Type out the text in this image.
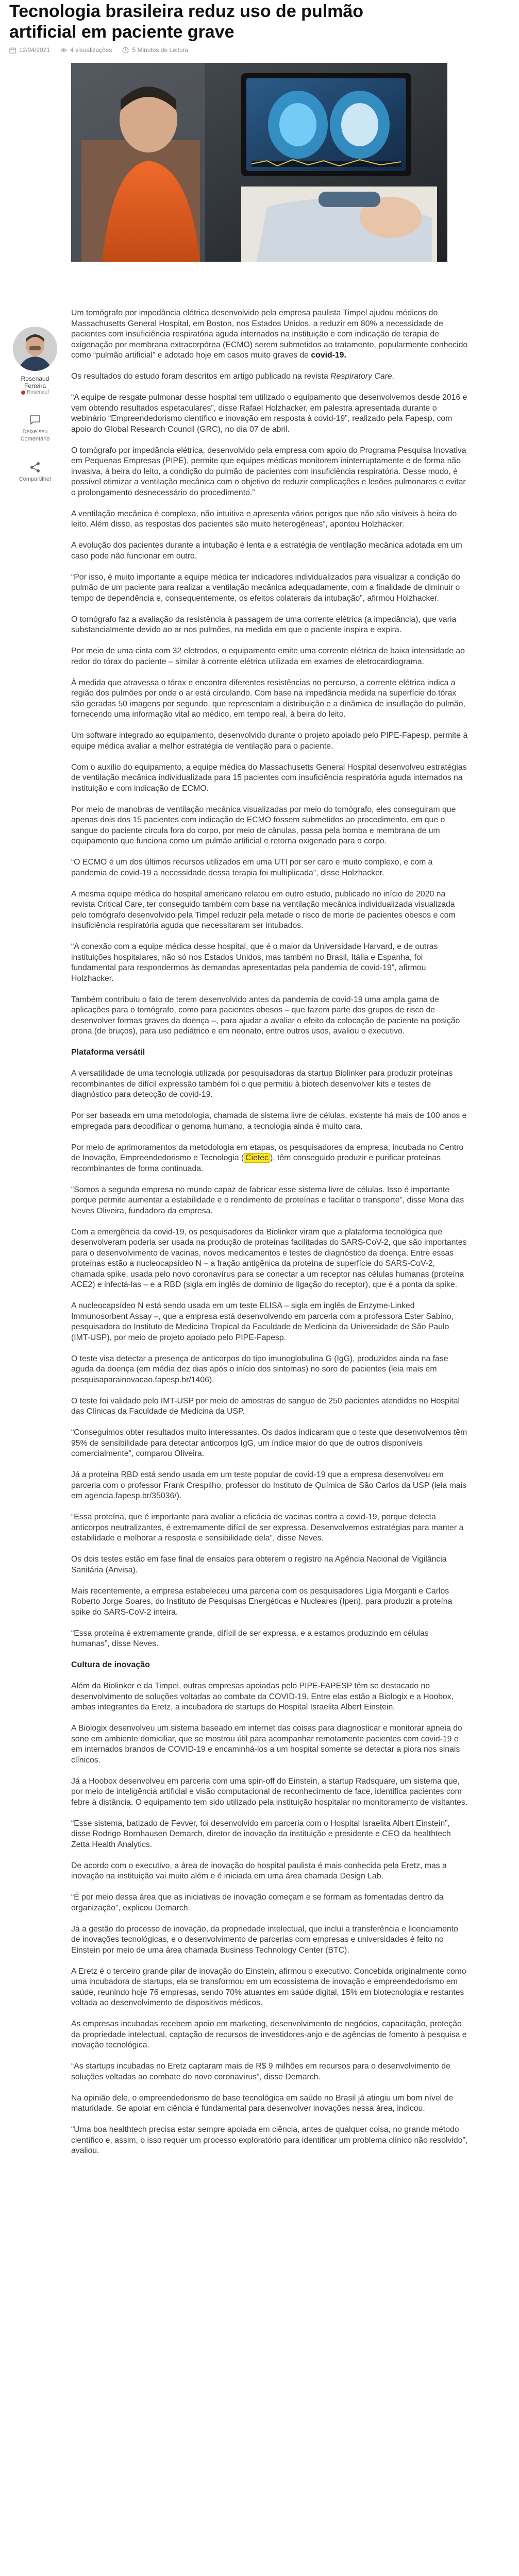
Tecnologia brasileira reduz uso de pulmão artificial em paciente grave
12/04/2021	4 visualizações	5 Minutos de Leitura
Rosenaud Ferreira
Rosenauf
Deixe seu Comentário
Compartilhe!

Um tomógrafo por impedância elétrica desenvolvido pela empresa paulista Timpel ajudou médicos do Massachusetts General Hospital, em Boston, nos Estados Unidos, a reduzir em 80% a necessidade de pacientes com insuficiência respiratória aguda internados na instituição e com indicação de terapia de oxigenação por membrana extracorpórea (ECMO) serem submetidos ao tratamento, popularmente conhecido como “pulmão artificial” e adotado hoje em casos muito graves de covid-19.

Os resultados do estudo foram descritos em artigo publicado na revista Respiratory Care.

“A equipe de resgate pulmonar desse hospital tem utilizado o equipamento que desenvolvemos desde 2016 e vem obtendo resultados espetaculares”, disse Rafael Holzhacker, em palestra apresentada durante o webinário “Empreendedorismo científico e inovação em resposta à covid-19”, realizado pela Fapesp, com apoio do Global Research Council (GRC), no dia 07 de abril.

O tomógrafo por impedância elétrica, desenvolvido pela empresa com apoio do Programa Pesquisa Inovativa em Pequenas Empresas (PIPE), permite que equipes médicas monitorem ininterruptamente e de forma não invasiva, à beira do leito, a condição do pulmão de pacientes com insuficiência respiratória. Desse modo, é possível otimizar a ventilação mecânica com o objetivo de reduzir complicações e lesões pulmonares e evitar o prolongamento desnecessário do procedimento.”

A ventilação mecânica é complexa, não intuitiva e apresenta vários perigos que não são visíveis à beira do leito. Além disso, as respostas dos pacientes são muito heterogêneas”, apontou Holzhacker.

A evolução dos pacientes durante a intubação é lenta e a estratégia de ventilação mecânica adotada em um caso pode não funcionar em outro.

“Por isso, é muito importante a equipe médica ter indicadores individualizados para visualizar a condição do pulmão de um paciente para realizar a ventilação mecânica adequadamente, com a finalidade de diminuir o tempo de dependência e, consequentemente, os efeitos colaterais da intubação”, afirmou Holzhacker.

O tomógrafo faz a avaliação da resistência à passagem de uma corrente elétrica (a impedância), que varia substancialmente devido ao ar nos pulmões, na medida em que o paciente inspira e expira.

Por meio de uma cinta com 32 eletrodos, o equipamento emite uma corrente elétrica de baixa intensidade ao redor do tórax do paciente – similar à corrente elétrica utilizada em exames de eletrocardiograma.

À medida que atravessa o tórax e encontra diferentes resistências no percurso, a corrente elétrica indica a região dos pulmões por onde o ar está circulando. Com base na impedância medida na superfície do tórax são geradas 50 imagens por segundo, que representam a distribuição e a dinâmica de insuflação do pulmão, fornecendo uma informação vital ao médico, em tempo real, à beira do leito.

Um software integrado ao equipamento, desenvolvido durante o projeto apoiado pelo PIPE-Fapesp, permite à equipe médica avaliar a melhor estratégia de ventilação para o paciente.

Com o auxílio do equipamento, a equipe médica do Massachusetts General Hospital desenvolveu estratégias de ventilação mecânica individualizada para 15 pacientes com insuficiência respiratória aguda internados na instituição e com indicação de ECMO.

Por meio de manobras de ventilação mecânica visualizadas por meio do tomógrafo, eles conseguiram que apenas dois dos 15 pacientes com indicação de ECMO fossem submetidos ao procedimento, em que o sangue do paciente circula fora do corpo, por meio de cânulas, passa pela bomba e membrana de um equipamento que funciona como um pulmão artificial e retorna oxigenado para o corpo.

“O ECMO é um dos últimos recursos utilizados em uma UTI por ser caro e muito complexo, e com a pandemia de covid-19 a necessidade dessa terapia foi multiplicada”, disse Holzhacker.

A mesma equipe médica do hospital americano relatou em outro estudo, publicado no início de 2020 na revista Critical Care, ter conseguido também com base na ventilação mecânica individualizada visualizada pelo tomógrafo desenvolvido pela Timpel reduzir pela metade o risco de morte de pacientes obesos e com insuficiência respiratória aguda que necessitaram ser intubados.

“A conexão com a equipe médica desse hospital, que é o maior da Universidade Harvard, e de outras instituições hospitalares, não só nos Estados Unidos, mas também no Brasil, Itália e Espanha, foi fundamental para respondermos às demandas apresentadas pela pandemia de covid-19”, afirmou Holzhacker.

Também contribuiu o fato de terem desenvolvido antes da pandemia de covid-19 uma ampla gama de aplicações para o tomógrafo, como para pacientes obesos – que fazem parte dos grupos de risco de desenvolver formas graves da doença –, para ajudar a avaliar o efeito da colocação de paciente na posição prona (de bruços), para uso pediátrico e em neonato, entre outros usos, avaliou o executivo.

Plataforma versátil

A versatilidade de uma tecnologia utilizada por pesquisadoras da startup Biolinker para produzir proteínas recombinantes de difícil expressão também foi o que permitiu à biotech desenvolver kits e testes de diagnóstico para detecção de covid-19.

Por ser baseada em uma metodologia, chamada de sistema livre de células, existente há mais de 100 anos e empregada para decodificar o genoma humano, a tecnologia ainda é muito cara.

Por meio de aprimoramentos da metodologia em etapas, os pesquisadores da empresa, incubada no Centro de Inovação, Empreendedorismo e Tecnologia ( Cietec ), têm conseguido produzir e purificar proteínas recombinantes de forma continuada.

“Somos a segunda empresa no mundo capaz de fabricar esse sistema livre de células. Isso é importante porque permite aumentar a estabilidade e o rendimento de proteínas e facilitar o transporte”, disse Mona das Neves Oliveira, fundadora da empresa.

Com a emergência da covid-19, os pesquisadores da Biolinker viram que a plataforma tecnológica que desenvolveram poderia ser usada na produção de proteínas facilitadas do SARS-CoV-2, que são importantes para o desenvolvimento de vacinas, novos medicamentos e testes de diagnóstico da doença. Entre essas proteínas estão a nucleocapsídeo N – a fração antigênica da proteína de superfície do SARS-CoV-2, chamada spike, usada pelo novo coronavírus para se conectar a um receptor nas células humanas (proteína ACE2) e infectá-las – e a RBD (sigla em inglês de domínio de ligação do receptor), que é a ponta da spike.

A nucleocapsídeo N está sendo usada em um teste ELISA – sigla em inglês de Enzyme-Linked Immunosorbent Assay –, que a empresa está desenvolvendo em parceria com a professora Ester Sabino, pesquisadora do Instituto de Medicina Tropical da Faculdade de Medicina da Universidade de São Paulo (IMT-USP), por meio de projeto apoiado pelo PIPE-Fapesp.

O teste visa detectar a presença de anticorpos do tipo imunoglobulina G (IgG), produzidos ainda na fase aguda da doença (em média dez dias após o início dos sintomas) no soro de pacientes (leia mais em pesquisaparainovacao.fapesp.br/1406).

O teste foi validado pelo IMT-USP por meio de amostras de sangue de 250 pacientes atendidos no Hospital das Clínicas da Faculdade de Medicina da USP.

“Conseguimos obter resultados muito interessantes. Os dados indicaram que o teste que desenvolvemos têm 95% de sensibilidade para detectar anticorpos IgG, um índice maior do que de outros disponíveis comercialmente”, comparou Oliveira.

Já a proteína RBD está sendo usada em um teste popular de covid-19 que a empresa desenvolveu em parceria com o professor Frank Crespilho, professor do Instituto de Química de São Carlos da USP (leia mais em agencia.fapesp.br/35036/).

“Essa proteína, que é importante para avaliar a eficácia de vacinas contra a covid-19, porque detecta anticorpos neutralizantes, é extremamente difícil de ser expressa. Desenvolvemos estratégias para manter a estabilidade e melhorar a resposta e sensibilidade dela”, disse Neves.

Os dois testes estão em fase final de ensaios para obterem o registro na Agência Nacional de Vigilância Sanitária (Anvisa).

Mais recentemente, a empresa estabeleceu uma parceria com os pesquisadores Ligia Morganti e Carlos Roberto Jorge Soares, do Instituto de Pesquisas Energéticas e Nucleares (Ipen), para produzir a proteína spike do SARS-CoV-2 inteira.

“Essa proteína é extremamente grande, difícil de ser expressa, e a estamos produzindo em células humanas”, disse Neves.

Cultura de inovação

Além da Biolinker e da Timpel, outras empresas apoiadas pelo PIPE-FAPESP têm se destacado no desenvolvimento de soluções voltadas ao combate da COVID-19. Entre elas estão a Biologix e a Hoobox, ambas integrantes da Eretz, a incubadora de startups do Hospital Israelita Albert Einstein.

A Biologix desenvolveu um sistema baseado em internet das coisas para diagnosticar e monitorar apneia do sono em ambiente domiciliar, que se mostrou útil para acompanhar remotamente pacientes com covid-19 e em internados brandos de COVID-19 e encaminhá-los a um hospital somente se detectar a piora nos sinais clínicos.

Já a Hoobox desenvolveu em parceria com uma spin-off do Einstein, a startup Radsquare, um sistema que, por meio de inteligência artificial e visão computacional de reconhecimento de face, identifica pacientes com febre à distância. O equipamento tem sido utilizado pela instituição hospitalar no monitoramento de visitantes.

“Esse sistema, batizado de Fevver, foi desenvolvido em parceria com o Hospital Israelita Albert Einstein”, disse Rodrigo Bornhausen Demarch, diretor de inovação da instituição e presidente e CEO da healthtech Zetta Health Analytics.

De acordo com o executivo, a área de inovação do hospital paulista é mais conhecida pela Eretz, mas a inovação na instituição vai muito além e é iniciada em uma área chamada Design Lab.

“É por meio dessa área que as iniciativas de inovação começam e se formam as fomentadas dentro da organização”, explicou Demarch.

Já a gestão do processo de inovação, da propriedade intelectual, que inclui a transferência e licenciamento de inovações tecnológicas, e o desenvolvimento de parcerias com empresas e universidades é feito no Einstein por meio de uma área chamada Business Technology Center (BTC).

A Eretz é o terceiro grande pilar de inovação do Einstein, afirmou o executivo. Concebida originalmente como uma incubadora de startups, ela se transformou em um ecossistema de inovação e empreendedorismo em saúde, reunindo hoje 76 empresas, sendo 70% atuantes em saúde digital, 15% em biotecnologia e restantes voltada ao desenvolvimento de dispositivos médicos.

As empresas incubadas recebem apoio em marketing, desenvolvimento de negócios, capacitação, proteção da propriedade intelectual, captação de recursos de investidores-anjo e de agências de fomento à pesquisa e inovação tecnológica.

“As startups incubadas no Eretz captaram mais de R$ 9 milhões em recursos para o desenvolvimento de soluções voltadas ao combate do novo coronavírus”, disse Demarch.

Na opinião dele, o empreendedorismo de base tecnológica em saúde no Brasil já atingiu um bom nível de maturidade. Se apoiar em ciência é fundamental para desenvolver inovações nessa área, indicou.

“Uma boa healthtech precisa estar sempre apoiada em ciência, antes de qualquer coisa, no grande método científico e, assim, o isso requer um processo exploratório para identificar um problema clínico não resolvido”, avaliou.
